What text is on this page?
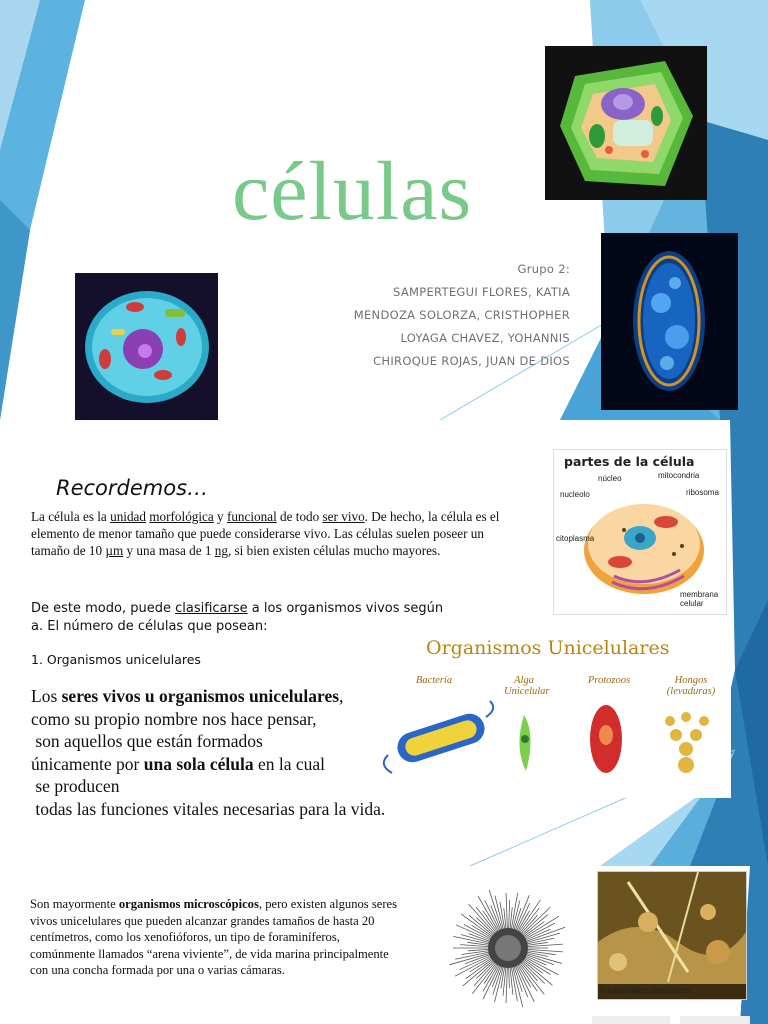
células
Grupo 2:
SAMPERTEGUI FLORES, KATIA
MENDOZA SOLORZA, CRISTHOPHER
LOYAGA CHAVEZ, YOHANNIS
CHIROQUE ROJAS, JUAN DE DIOS
Recordemos…
La célula es la unidad morfológica y funcional de todo ser vivo. De hecho, la célula es el elemento de menor tamaño que puede considerarse vivo. Las células suelen poseer un tamaño de 10 µm y una masa de 1 ng, si bien existen células mucho mayores.
De este modo, puede clasificarse a los organismos vivos según
a. El número de células que posean:
1. Organismos unicelulares
Los seres vivos u organismos unicelulares,
como su propio nombre nos hace pensar,
son aquellos que están formados
únicamente por una sola célula en la cual
se producen
todas las funciones vitales necesarias para la vida.
partes de la célula
núcleo	mitocondria
nucleolo	ribosoma
citoplasma
membrana celular
Organismos Unicelulares
Bacteria	Alga Unicelular
Protozoos	Hongos (levaduras)
Son mayormente organismos microscópicos, pero existen algunos seres vivos unicelulares que pueden alcanzar grandes tamaños de hasta 20 centímetros, como los xenofióforos, un tipo de foraminíferos, comúnmente llamados “arena viviente”, de vida marina principalmente con una concha formada por una o varias cámaras.
Foraminíferos bentónicos.
